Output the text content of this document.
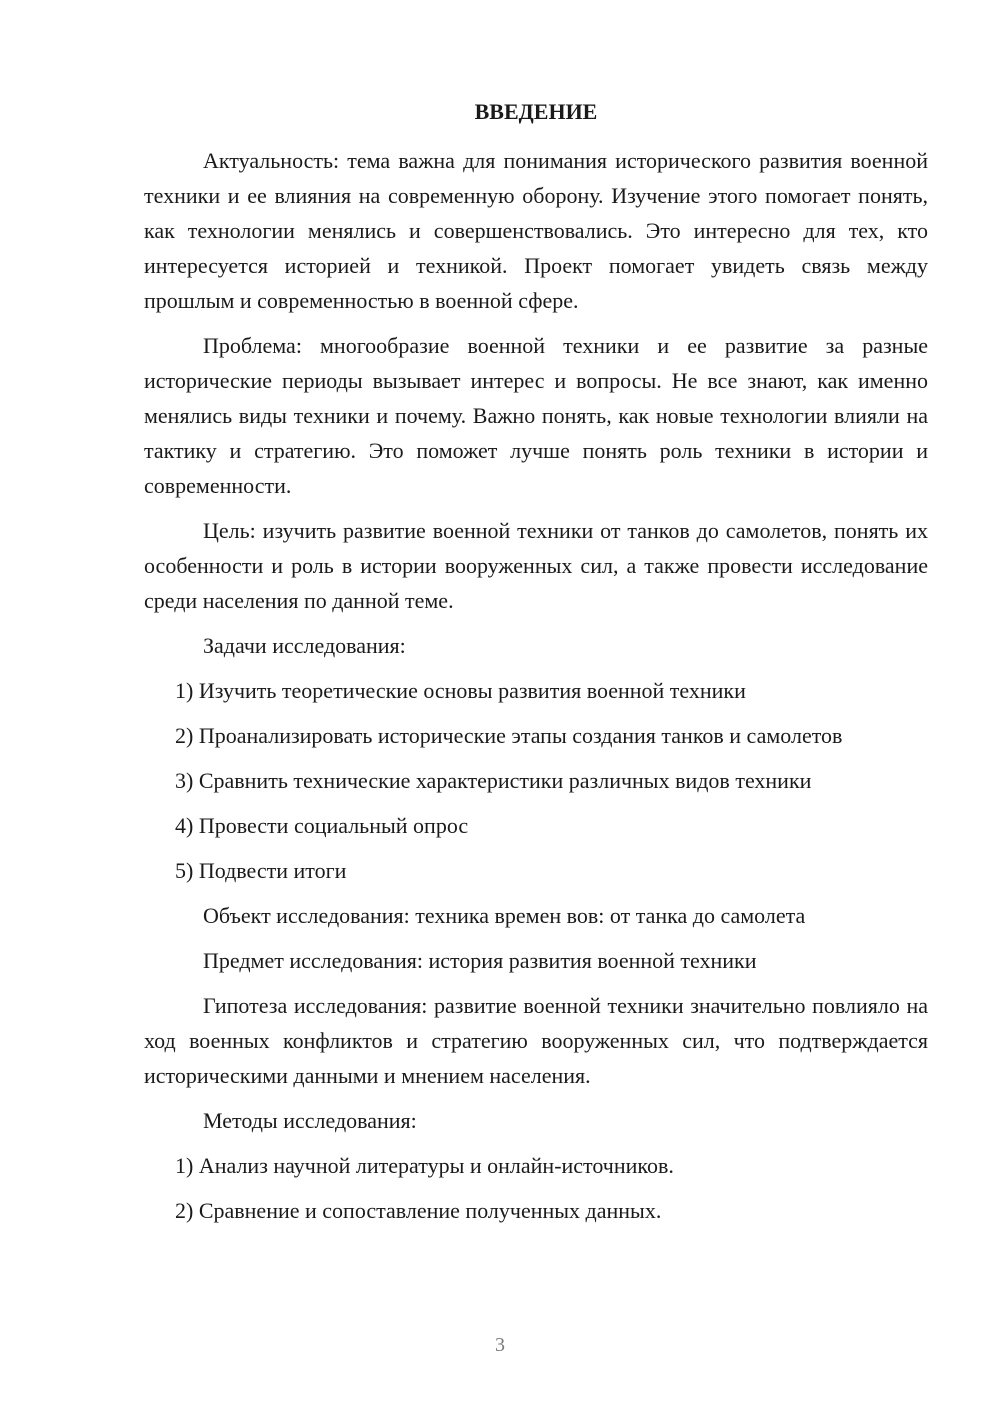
ВВЕДЕНИЕ

Актуальность: тема важна для понимания исторического развития военной техники и ее влияния на современную оборону. Изучение этого помогает понять, как технологии менялись и совершенствовались. Это интересно для тех, кто интересуется историей и техникой. Проект помогает увидеть связь между прошлым и современностью в военной сфере.

Проблема: многообразие военной техники и ее развитие за разные исторические периоды вызывает интерес и вопросы. Не все знают, как именно менялись виды техники и почему. Важно понять, как новые технологии влияли на тактику и стратегию. Это поможет лучше понять роль техники в истории и современности.

Цель: изучить развитие военной техники от танков до самолетов, понять их особенности и роль в истории вооруженных сил, а также провести исследование среди населения по данной теме.

Задачи исследования:

1) Изучить теоретические основы развития военной техники

2) Проанализировать исторические этапы создания танков и самолетов

3) Сравнить технические характеристики различных видов техники

4) Провести социальный опрос

5) Подвести итоги

Объект исследования: техника времен вов: от танка до самолета

Предмет исследования: история развития военной техники

Гипотеза исследования: развитие военной техники значительно повлияло на ход военных конфликтов и стратегию вооруженных сил, что подтверждается историческими данными и мнением населения.

Методы исследования:

1) Анализ научной литературы и онлайн-источников.

2) Сравнение и сопоставление полученных данных.

3
